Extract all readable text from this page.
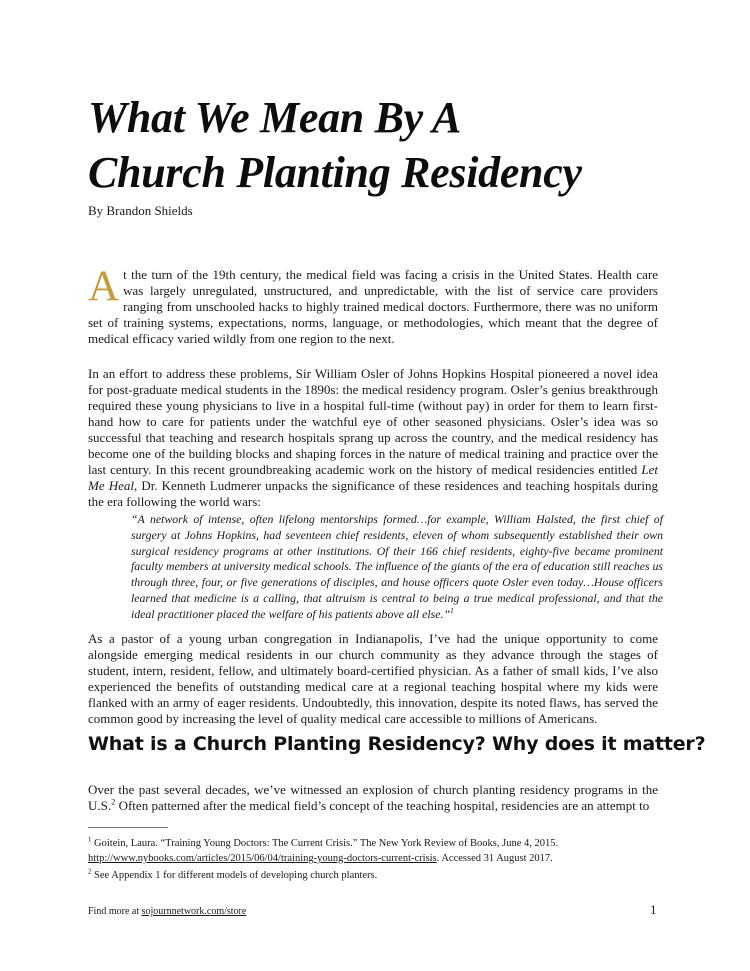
What We Mean By A
Church Planting Residency
By Brandon Shields

At the turn of the 19th century, the medical field was facing a crisis in the United States. Health care was largely unregulated, unstructured, and unpredictable, with the list of service care providers ranging from unschooled hacks to highly trained medical doctors. Furthermore, there was no uniform set of training systems, expectations, norms, language, or methodologies, which meant that the degree of medical efficacy varied wildly from one region to the next.

In an effort to address these problems, Sir William Osler of Johns Hopkins Hospital pioneered a novel idea for post-graduate medical students in the 1890s: the medical residency program. Osler’s genius breakthrough required these young physicians to live in a hospital full-time (without pay) in order for them to learn first-hand how to care for patients under the watchful eye of other seasoned physicians. Osler’s idea was so successful that teaching and research hospitals sprang up across the country, and the medical residency has become one of the building blocks and shaping forces in the nature of medical training and practice over the last century. In this recent groundbreaking academic work on the history of medical residencies entitled Let Me Heal, Dr. Kenneth Ludmerer unpacks the significance of these residences and teaching hospitals during the era following the world wars:

“A network of intense, often lifelong mentorships formed…for example, William Halsted, the first chief of surgery at Johns Hopkins, had seventeen chief residents, eleven of whom subsequently established their own surgical residency programs at other institutions. Of their 166 chief residents, eighty-five became prominent faculty members at university medical schools. The influence of the giants of the era of education still reaches us through three, four, or five generations of disciples, and house officers quote Osler even today…House officers learned that medicine is a calling, that altruism is central to being a true medical professional, and that the ideal practitioner placed the welfare of his patients above all else.”$^1$

As a pastor of a young urban congregation in Indianapolis, I’ve had the unique opportunity to come alongside emerging medical residents in our church community as they advance through the stages of student, intern, resident, fellow, and ultimately board-certified physician. As a father of small kids, I’ve also experienced the benefits of outstanding medical care at a regional teaching hospital where my kids were flanked with an army of eager residents. Undoubtedly, this innovation, despite its noted flaws, has served the common good by increasing the level of quality medical care accessible to millions of Americans.

What is a Church Planting Residency? Why does it matter?

Over the past several decades, we’ve witnessed an explosion of church planting residency programs in the U.S.$^2$ Often patterned after the medical field’s concept of the teaching hospital, residencies are an attempt to

$^1$ Goitein, Laura. “Training Young Doctors: The Current Crisis.” The New York Review of Books, June 4, 2015. http://www.nybooks.com/articles/2015/06/04/training-young-doctors-current-crisis. Accessed 31 August 2017.

$^2$ See Appendix 1 for different models of developing church planters.

Find more at sojournnetwork.com/store	1
